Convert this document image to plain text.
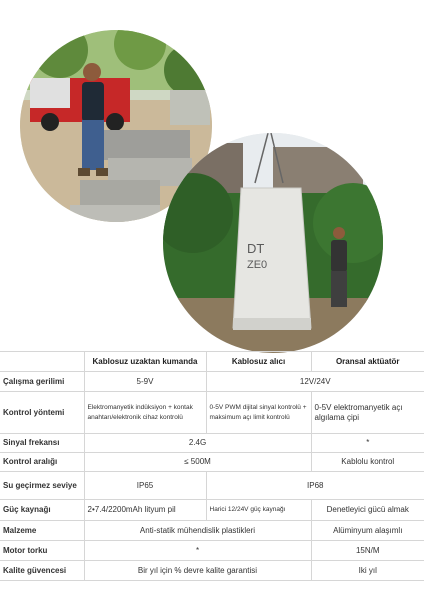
DT
ZE0
	Kablosuz uzaktan kumanda	Kablosuz alıcı	Oransal aktüatör
Çalışma gerilimi	5-9V	12V/24V	
Kontrol yöntemi	Elektromanyetik indüksiyon + kontak anahtarı/elektronik cihaz kontrolü	0-5V PWM dijital sinyal kontrolü + maksimum açı limit kontrolü	0-5V elektromanyetik açı algılama çipi
Sinyal frekansı	2.4G		*
Kontrol aralığı	≤ 500M		Kablolu kontrol
Su geçirmez seviye	IP65	IP68	
Güç kaynağı	2•7.4/2200mAh lityum pil	Harici 12/24V güç kaynağı	Denetleyici gücü almak
Malzeme	Anti-statik mühendislik plastikleri		Alüminyum alaşımlı
Motor torku	*		15N/M
Kalite güvencesi	Bir yıl için % devre kalite garantisi		Iki yıl
